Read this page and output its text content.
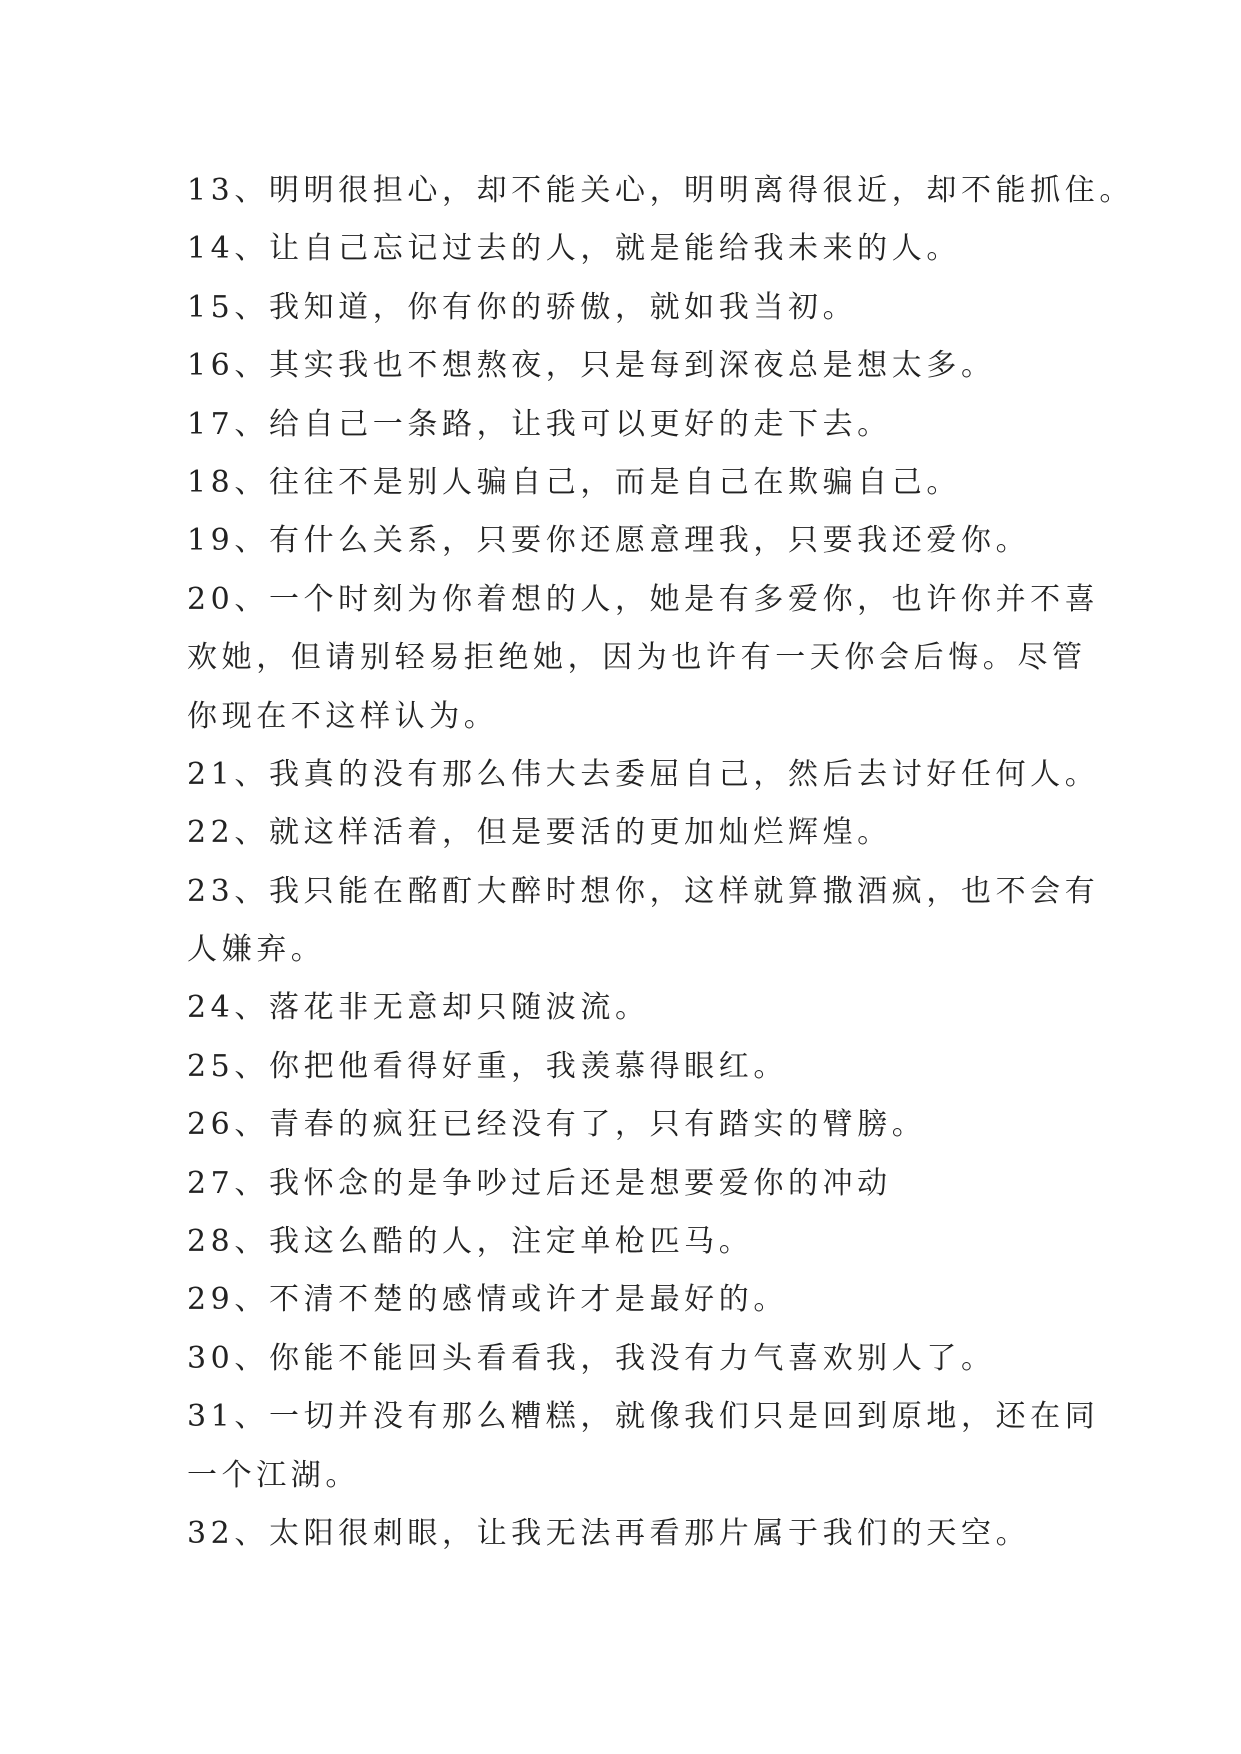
13、明明很担心，却不能关心，明明离得很近，却不能抓住。
14、让自己忘记过去的人，就是能给我未来的人。
15、我知道，你有你的骄傲，就如我当初。
16、其实我也不想熬夜，只是每到深夜总是想太多。
17、给自己一条路，让我可以更好的走下去。
18、往往不是别人骗自己，而是自己在欺骗自己。
19、有什么关系，只要你还愿意理我，只要我还爱你。
20、一个时刻为你着想的人，她是有多爱你，也许你并不喜
欢她，但请别轻易拒绝她，因为也许有一天你会后悔。尽管
你现在不这样认为。
21、我真的没有那么伟大去委屈自己，然后去讨好任何人。
22、就这样活着，但是要活的更加灿烂辉煌。
23、我只能在酩酊大醉时想你，这样就算撒酒疯，也不会有
人嫌弃。
24、落花非无意却只随波流。
25、你把他看得好重，我羡慕得眼红。
26、青春的疯狂已经没有了，只有踏实的臂膀。
27、我怀念的是争吵过后还是想要爱你的冲动
28、我这么酷的人，注定单枪匹马。
29、不清不楚的感情或许才是最好的。
30、你能不能回头看看我，我没有力气喜欢别人了。
31、一切并没有那么糟糕，就像我们只是回到原地，还在同
一个江湖。
32、太阳很刺眼，让我无法再看那片属于我们的天空。
